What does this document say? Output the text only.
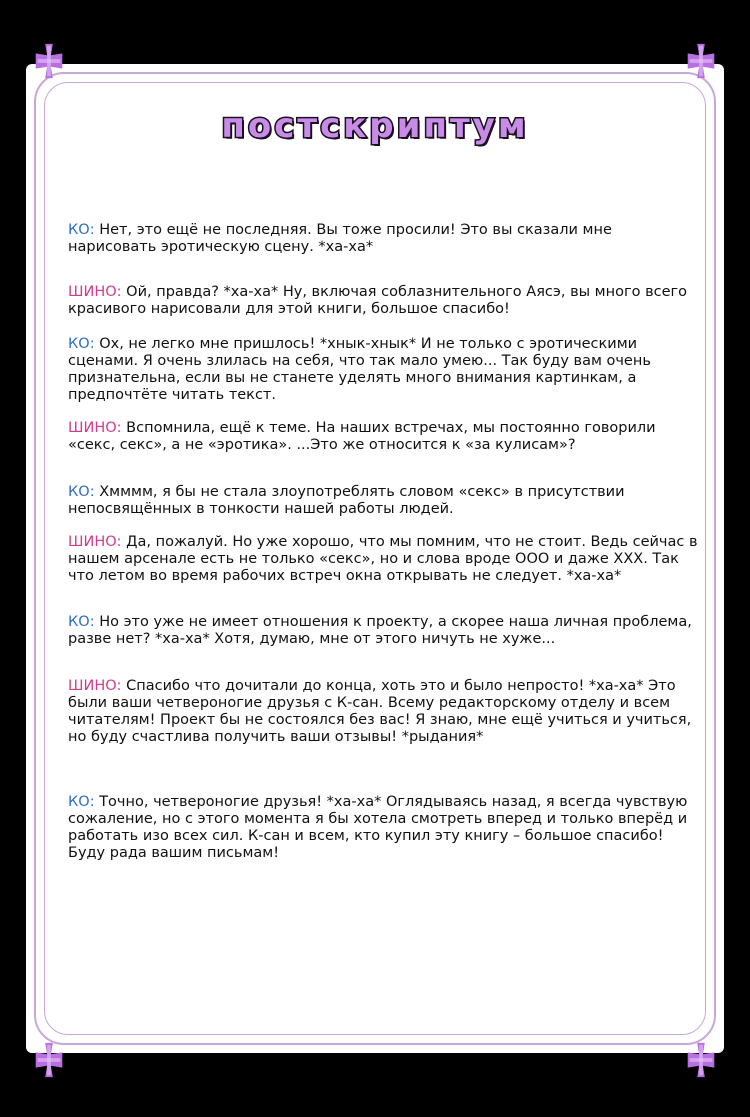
постскриптум

КО: Нет, это ещё не последняя. Вы тоже просили! Это вы сказали мне нарисовать эротическую сцену. *ха-ха*

ШИНО: Ой, правда? *ха-ха* Ну, включая соблазнительного Аясэ, вы много всего красивого нарисовали для этой книги, большое спасибо!

КО: Ох, не легко мне пришлось! *хнык-хнык* И не только с эротическими сценами. Я очень злилась на себя, что так мало умею... Так буду вам очень признательна, если вы не станете уделять много внимания картинкам, а предпочтёте читать текст.

ШИНО: Вспомнила, ещё к теме. На наших встречах, мы постоянно говорили «секс, секс», а не «эротика». ...Это же относится к «за кулисам»?

КО: Хмммм, я бы не стала злоупотреблять словом «секс» в присутствии непосвящённых в тонкости нашей работы людей.

ШИНО: Да, пожалуй. Но уже хорошо, что мы помним, что не стоит. Ведь сейчас в нашем арсенале есть не только «секс», но и слова вроде ООО и даже XXX. Так что летом во время рабочих встреч окна открывать не следует. *ха-ха*

КО: Но это уже не имеет отношения к проекту, а скорее наша личная проблема, разве нет? *ха-ха* Хотя, думаю, мне от этого ничуть не хуже...

ШИНО: Спасибо что дочитали до конца, хоть это и было непросто! *ха-ха* Это были ваши четвероногие друзья с К-сан. Всему редакторскому отделу и всем читателям! Проект бы не состоялся без вас! Я знаю, мне ещё учиться и учиться, но буду счастлива получить ваши отзывы! *рыдания*

КО: Точно, четвероногие друзья! *ха-ха* Оглядываясь назад, я всегда чувствую сожаление, но с этого момента я бы хотела смотреть вперед и только вперёд и работать изо всех сил. К-сан и всем, кто купил эту книгу – большое спасибо! Буду рада вашим письмам!
